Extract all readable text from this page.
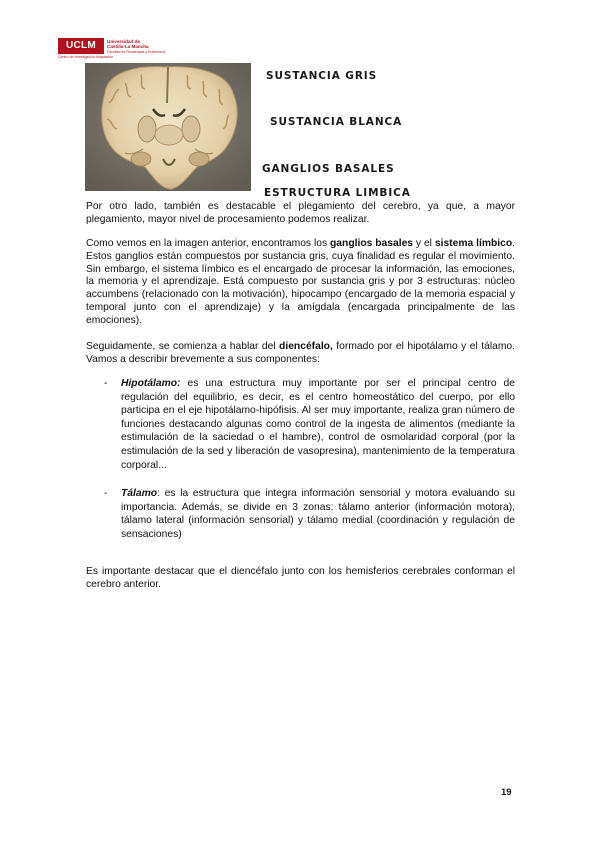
UCLM	Universidad de
Castilla-La Mancha
Centro de Investigación Adaptación
Facultad de Fisioterapia y Enfermería
SUSTANCIA GRIS
SUSTANCIA BLANCA
GANGLIOS BASALES
ESTRUCTURA LIMBICA
Por otro lado, también es destacable el plegamiento del cerebro, ya que, a mayor plegamiento, mayor nivel de procesamiento podemos realizar.
Como vemos en la imagen anterior, encontramos los ganglios basales y el sistema límbico. Estos ganglios están compuestos por sustancia gris, cuya finalidad es regular el movimiento. Sin embargo, el sistema límbico es el encargado de procesar la información, las emociones, la memoria y el aprendizaje. Está compuesto por sustancia gris y por 3 estructuras: núcleo accumbens (relacionado con la motivación), hipocampo (encargado de la memoria espacial y temporal junto con el aprendizaje) y la amígdala (encargada principalmente de las emociones).
Seguidamente, se comienza a hablar del diencéfalo, formado por el hipotálamo y el tálamo. Vamos a describir brevemente a sus componentes:
- Hipotálamo: es una estructura muy importante por ser el principal centro de regulación del equilibrio, es decir, es el centro homeostático del cuerpo, por ello participa en el eje hipotálamo-hipófisis. Al ser muy importante, realiza gran número de funciones destacando algunas como control de la ingesta de alimentos (mediante la estimulación de la saciedad o el hambre), control de osmolaridad corporal (por la estimulación de la sed y liberación de vasopresina), mantenimiento de la temperatura corporal...
- Tálamo: es la estructura que integra información sensorial y motora evaluando su importancia. Además, se divide en 3 zonas: tálamo anterior (información motora), tálamo lateral (información sensorial) y tálamo medial (coordinación y regulación de sensaciones)
Es importante destacar que el diencéfalo junto con los hemisferios cerebrales conforman el cerebro anterior.
19
